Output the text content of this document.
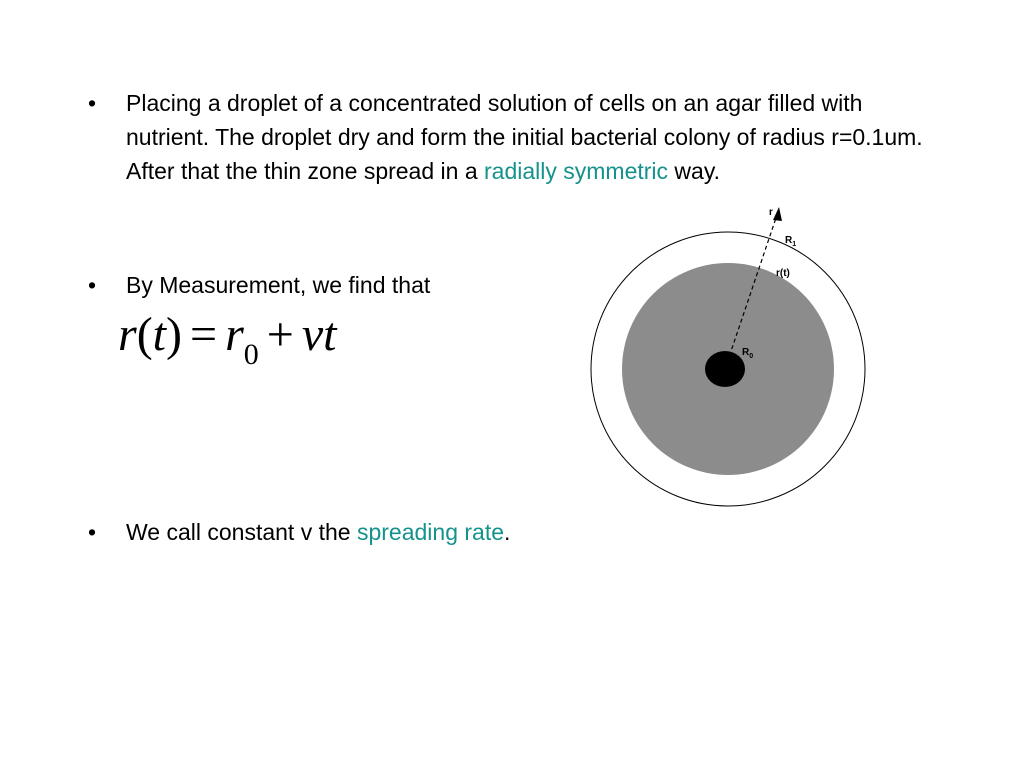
•	Placing a droplet of a concentrated solution of cells on an agar filled with nutrient. The droplet dry and form the initial bacterial colony of radius r=0.1um. After that the thin zone spread in a radially symmetric way.
•	By Measurement, we find that
$r(t) = r_0$ + vt
r
$R_1$
r(t)
$R_0$
•	We call constant v the spreading rate.
